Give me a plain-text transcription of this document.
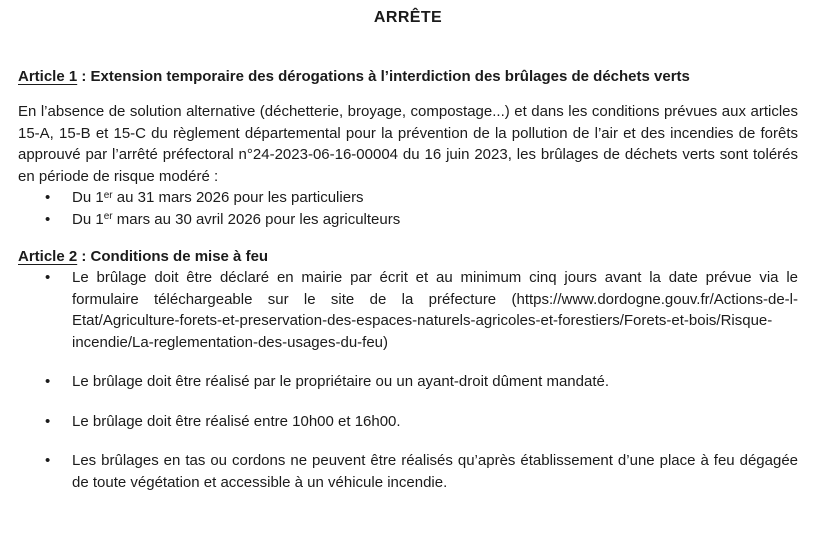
ARRÊTE

Article 1 : Extension temporaire des dérogations à l’interdiction des brûlages de déchets verts

En l’absence de solution alternative (déchetterie, broyage, compostage...) et dans les conditions prévues aux articles 15-A, 15-B et 15-C du règlement départemental pour la prévention de la pollution de l’air et des incendies de forêts approuvé par l’arrêté préfectoral n°24-2023-06-16-00004 du 16 juin 2023, les brûlages de déchets verts sont tolérés en période de risque modéré :

• Du 1er au 31 mars 2026 pour les particuliers
• Du 1er mars au 30 avril 2026 pour les agriculteurs

Article 2 : Conditions de mise à feu

• Le brûlage doit être déclaré en mairie par écrit et au minimum cinq jours avant la date prévue via le formulaire téléchargeable sur le site de la préfecture (https://www.dordogne.gouv.fr/Actions-de-l-Etat/Agriculture-forets-et-preservation-des-espaces-naturels-agricoles-et-forestiers/Forets-et-bois/Risque-incendie/La-reglementation-des-usages-du-feu)
• Le brûlage doit être réalisé par le propriétaire ou un ayant-droit dûment mandaté.
• Le brûlage doit être réalisé entre 10h00 et 16h00.
• Les brûlages en tas ou cordons ne peuvent être réalisés qu’après établissement d’une place à feu dégagée de toute végétation et accessible à un véhicule incendie.
